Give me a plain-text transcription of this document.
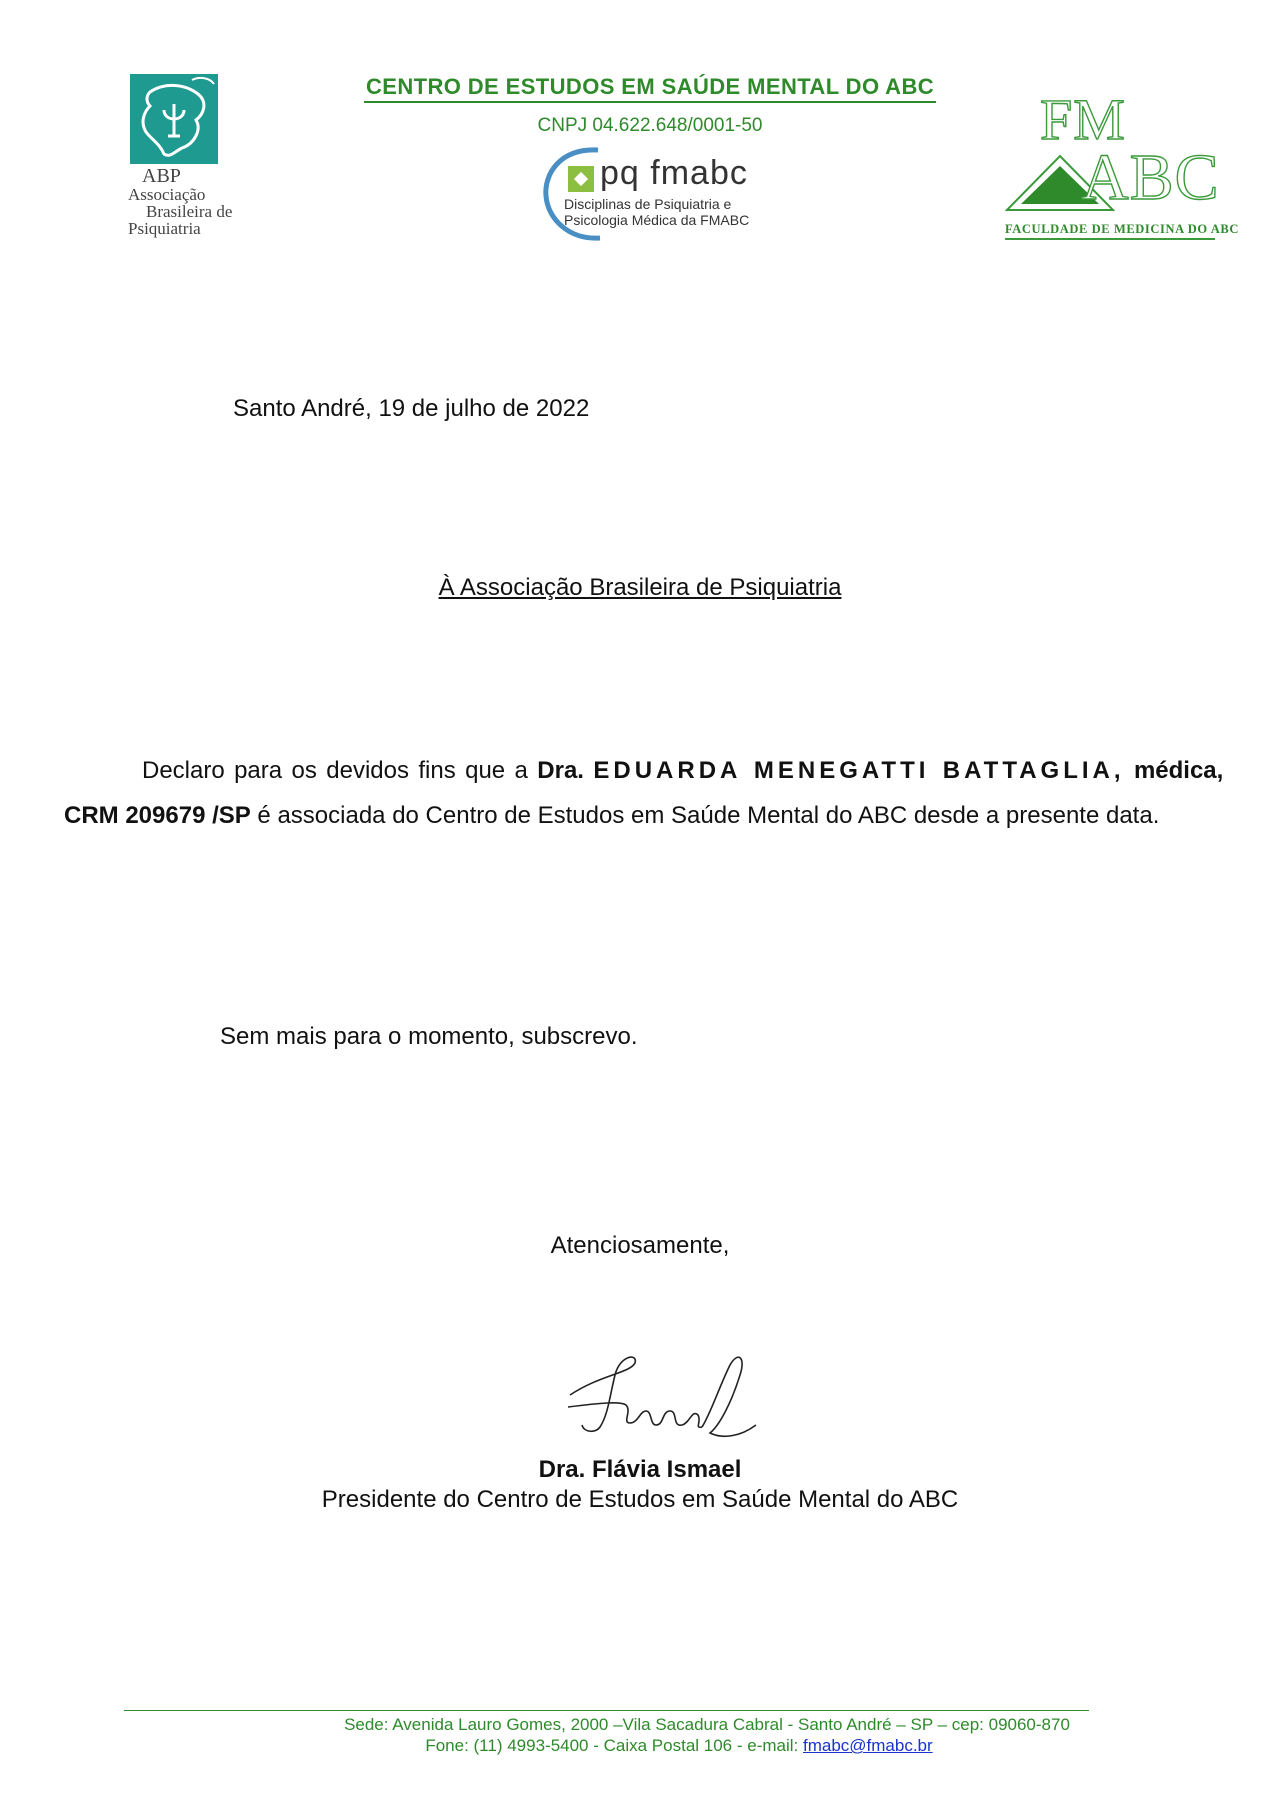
ABP
Associação
Brasileira de
Psiquiatria
CENTRO DE ESTUDOS EM SAÚDE MENTAL DO ABC
CNPJ 04.622.648/0001-50
pq fmabc
Disciplinas de Psiquiatria e
Psicologia Médica da FMABC
FM
ABC
FACULDADE DE MEDICINA DO ABC
Santo André, 19 de julho de 2022
À Associação Brasileira de Psiquiatria
Declaro para os devidos fins que a Dra. EDUARDA MENEGATTI BATTAGLIA, médica,  CRM 209679 /SP é associada do Centro de Estudos em Saúde Mental do ABC desde a presente data.
Sem mais para o momento, subscrevo.
Atenciosamente,
Dra. Flávia Ismael
Presidente do Centro de Estudos em Saúde Mental do ABC
Sede: Avenida Lauro Gomes, 2000 –Vila Sacadura Cabral - Santo André – SP – cep: 09060-870
Fone: (11) 4993-5400 - Caixa Postal 106 - e-mail: fmabc@fmabc.br
